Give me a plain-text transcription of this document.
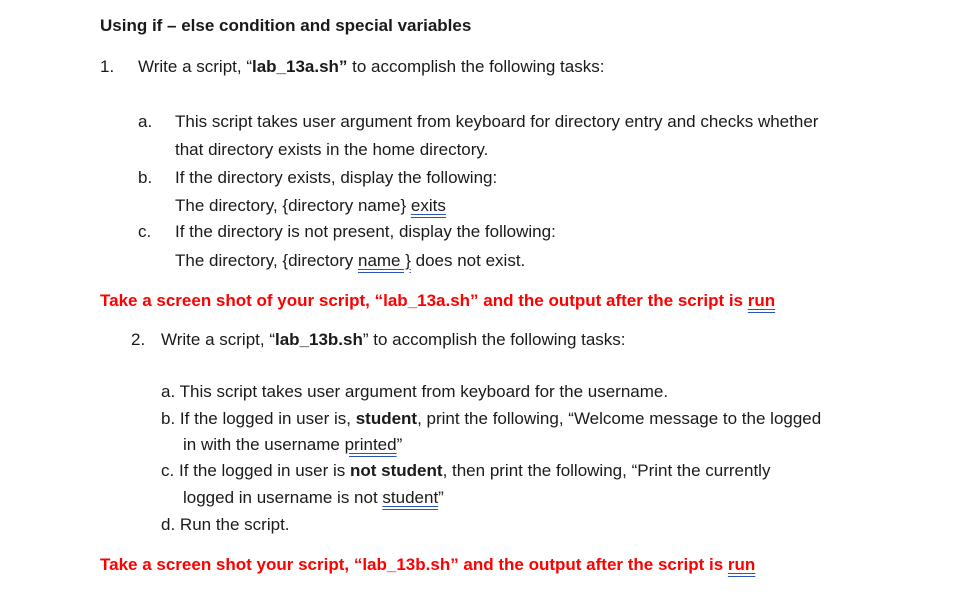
Using if – else condition and special variables
1. Write a script, “lab_13a.sh” to accomplish the following tasks:
a. This script takes user argument from keyboard for directory entry and checks whether
that directory exists in the home directory.
b. If the directory exists, display the following:
The directory, {directory name} exits
c. If the directory is not present, display the following:
The directory, {directory name } does not exist.
Take a screen shot of your script, “lab_13a.sh” and the output after the script is run
2. Write a script, “lab_13b.sh” to accomplish the following tasks:
a. This script takes user argument from keyboard for the username.
b. If the logged in user is, student, print the following, “Welcome message to the logged
in with the username printed”
c. If the logged in user is not student, then print the following, “Print the currently
logged in username is not student”
d. Run the script.
Take a screen shot your script, “lab_13b.sh” and the output after the script is run
